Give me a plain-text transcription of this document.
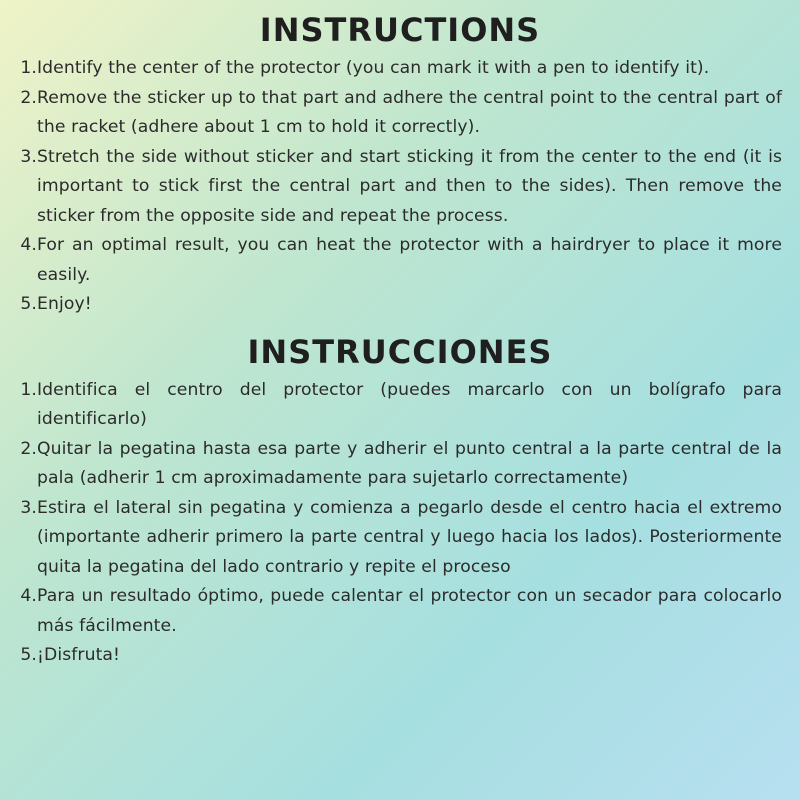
INSTRUCTIONS
1. Identify the center of the protector (you can mark it with a pen to identify it).
2. Remove the sticker up to that part and adhere the central point to the central part of the racket (adhere about 1 cm to hold it correctly).
3. Stretch the side without sticker and start sticking it from the center to the end (it is important to stick first the central part and then to the sides). Then remove the sticker from the opposite side and repeat the process.
4. For an optimal result, you can heat the protector with a hairdryer to place it more easily.
5. Enjoy!
INSTRUCCIONES
1. Identifica el centro del protector (puedes marcarlo con un bolígrafo para identificarlo)
2. Quitar la pegatina hasta esa parte y adherir el punto central a la parte central de la pala (adherir 1 cm aproximadamente para sujetarlo correctamente)
3. Estira el lateral sin pegatina y comienza a pegarlo desde el centro hacia el extremo (importante adherir primero la parte central y luego hacia los lados). Posteriormente quita la pegatina del lado contrario y repite el proceso
4. Para un resultado óptimo, puede calentar el protector con un secador para colocarlo más fácilmente.
5. ¡Disfruta!
